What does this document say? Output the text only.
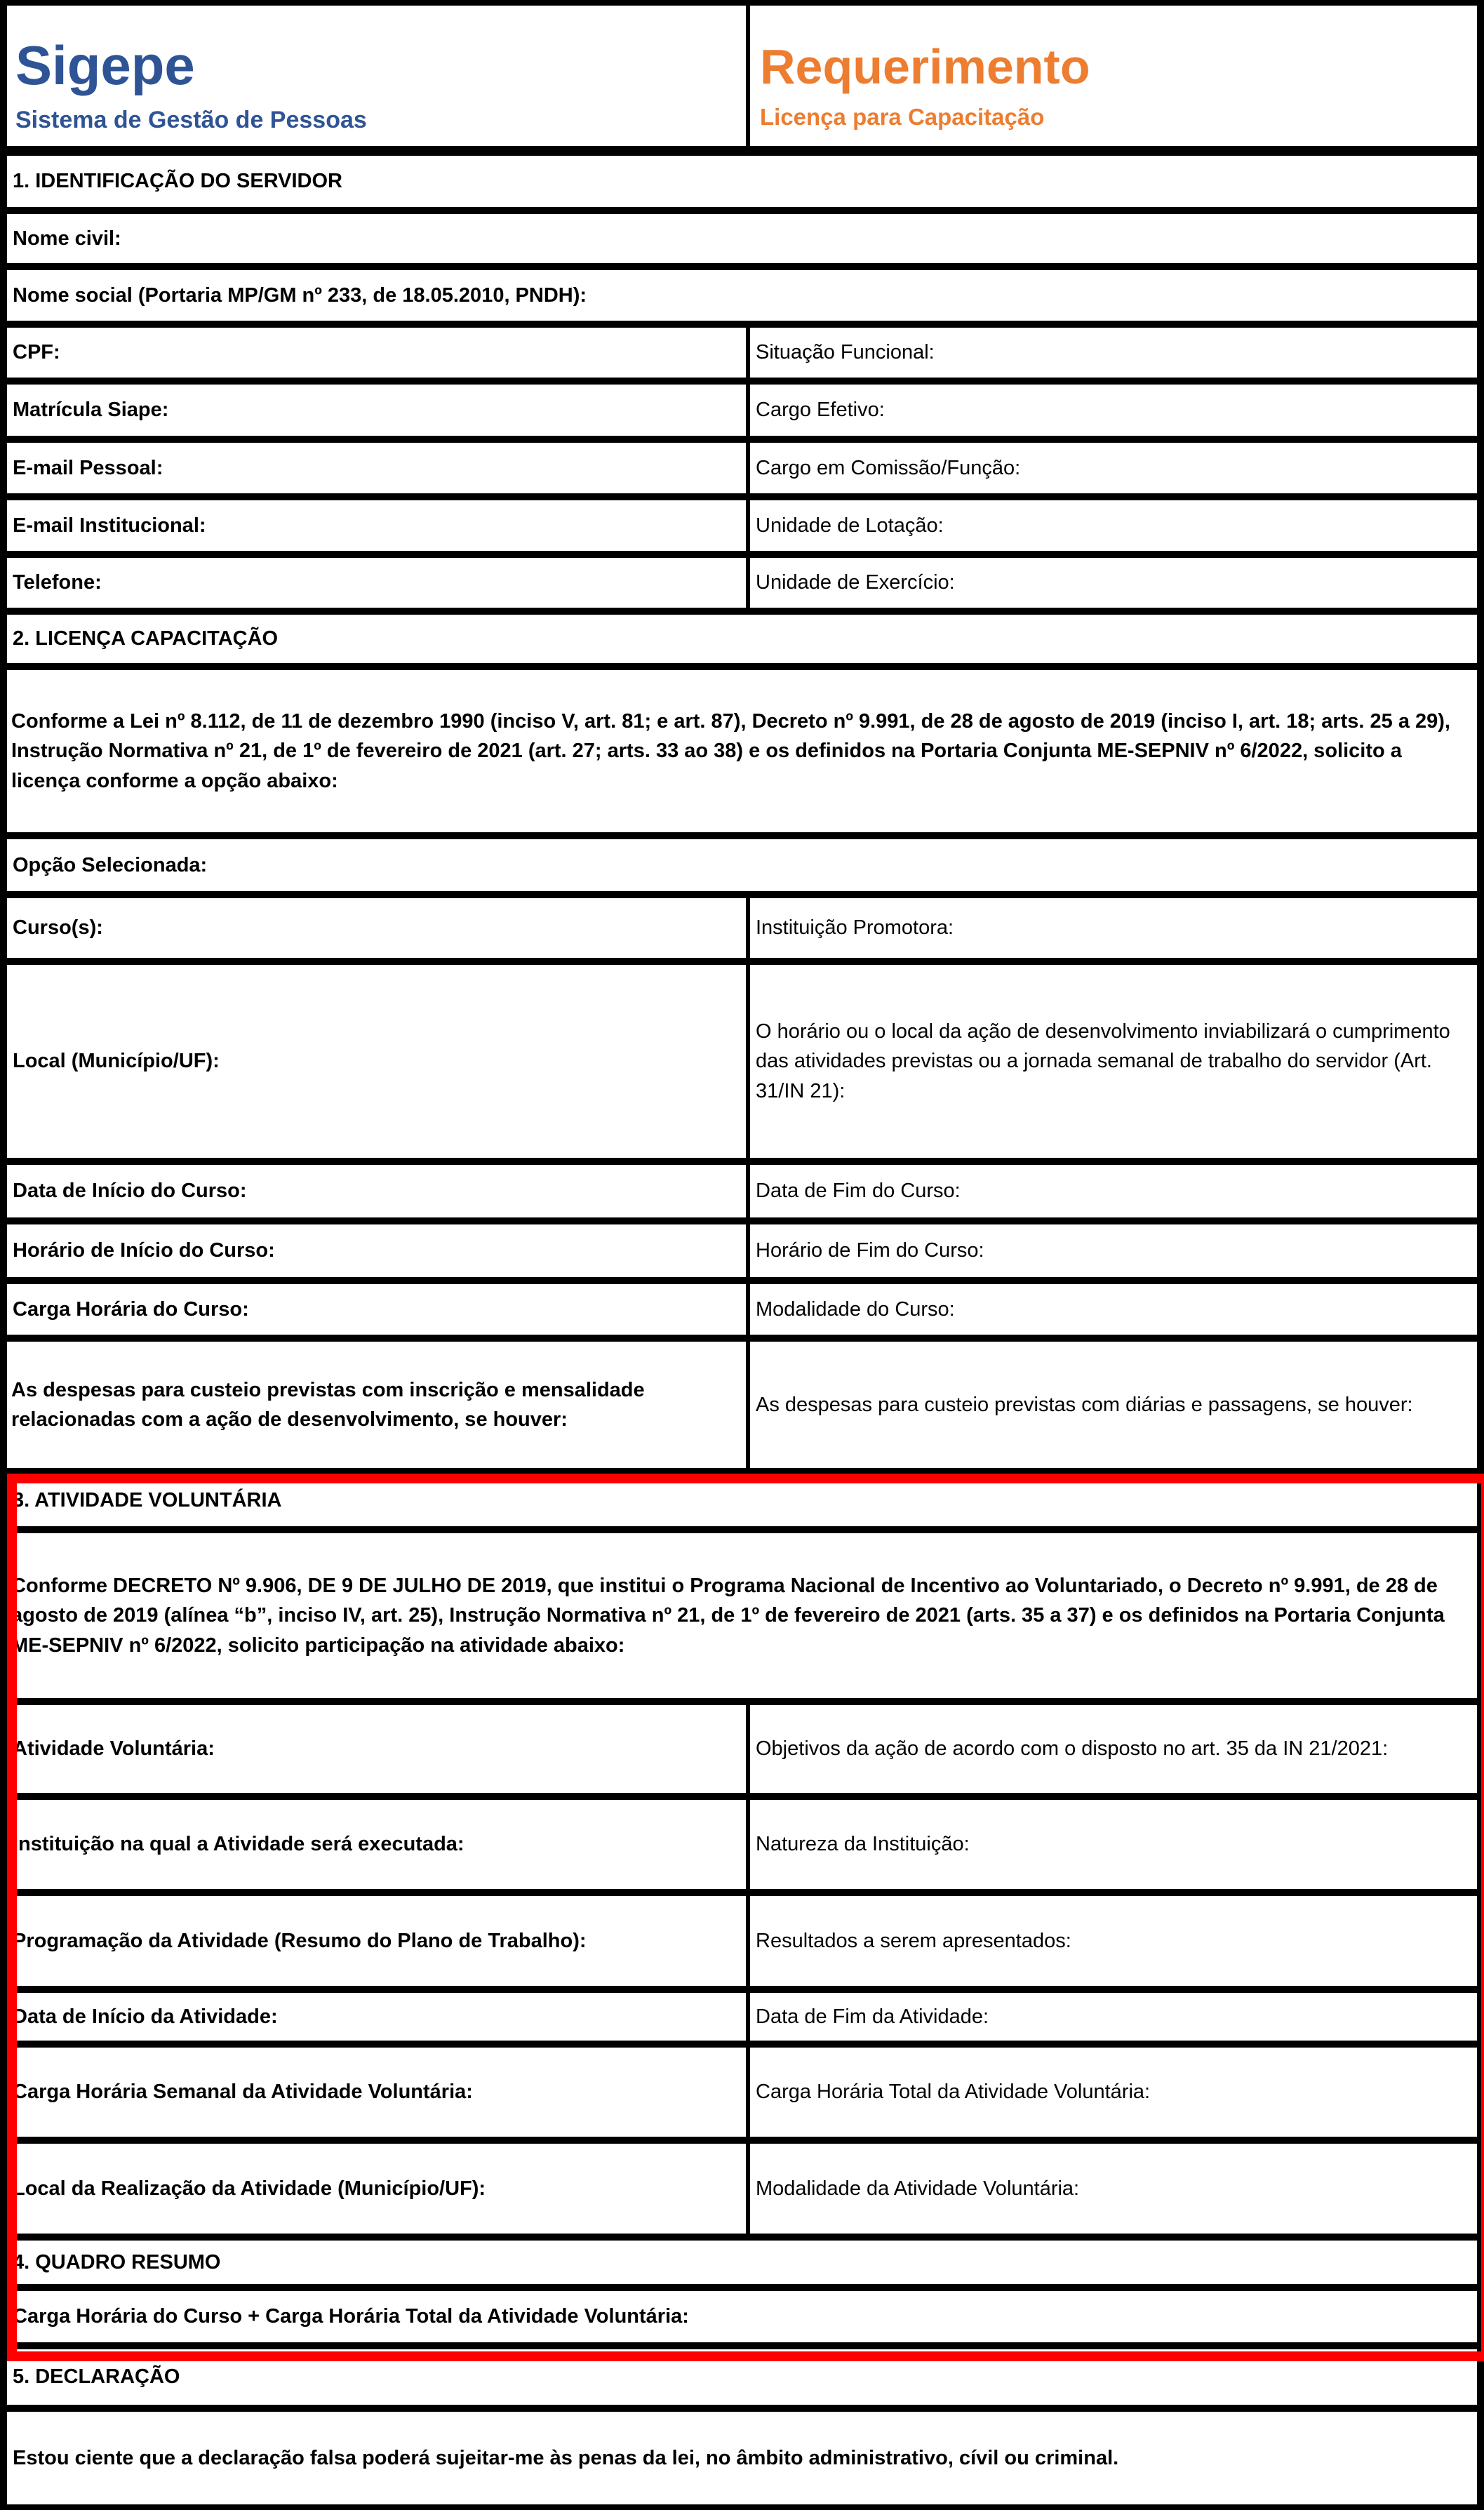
Sigepe
Sistema de Gestão de Pessoas
Requerimento
Licença para Capacitação
1. IDENTIFICAÇÃO DO SERVIDOR
Nome civil:
Nome social (Portaria MP/GM nº 233, de 18.05.2010, PNDH):
CPF:	Situação Funcional:
Matrícula Siape:	Cargo Efetivo:
E-mail Pessoal:	Cargo em Comissão/Função:
E-mail Institucional:	Unidade de Lotação:
Telefone:	Unidade de Exercício:
2. LICENÇA CAPACITAÇÃO
Conforme a Lei nº 8.112, de 11 de dezembro 1990 (inciso V, art. 81; e art. 87), Decreto nº 9.991, de 28 de agosto de 2019 (inciso I, art. 18; arts. 25 a 29), Instrução Normativa nº 21, de 1º de fevereiro de 2021 (art. 27; arts. 33 ao 38) e os definidos na Portaria Conjunta ME-SEPNIV nº 6/2022, solicito a licença conforme a opção abaixo:
Opção Selecionada:
Curso(s):	Instituição Promotora:
Local (Município/UF):
O horário ou o local da ação de desenvolvimento inviabilizará o cumprimento das atividades previstas ou a jornada semanal de trabalho do servidor (Art. 31/IN 21):
Data de Início do Curso:	Data de Fim do Curso:
Horário de Início do Curso:	Horário de Fim do Curso:
Carga Horária do Curso:	Modalidade do Curso:
As despesas para custeio previstas com inscrição e mensalidade relacionadas com a ação de desenvolvimento, se houver:
As despesas para custeio previstas com diárias e passagens, se houver:
3. ATIVIDADE VOLUNTÁRIA
Conforme DECRETO Nº 9.906, DE 9 DE JULHO DE 2019, que institui o Programa Nacional de Incentivo ao Voluntariado, o Decreto nº 9.991, de 28 de agosto de 2019 (alínea “b”, inciso IV, art. 25), Instrução Normativa nº 21, de 1º de fevereiro de 2021 (arts. 35 a 37) e os definidos na Portaria Conjunta ME-SEPNIV nº 6/2022, solicito participação na atividade abaixo:
Atividade Voluntária:	Objetivos da ação de acordo com o disposto no art. 35 da IN 21/2021:
Instituição na qual a Atividade será executada:	Natureza da Instituição:
Programação da Atividade (Resumo do Plano de Trabalho):	Resultados a serem apresentados:
Data de Início da Atividade:	Data de Fim da Atividade:
Carga Horária Semanal da Atividade Voluntária:	Carga Horária Total da Atividade Voluntária:
Local da Realização da Atividade (Município/UF):	Modalidade da Atividade Voluntária:
4. QUADRO RESUMO
Carga Horária do Curso + Carga Horária Total da Atividade Voluntária:
5. DECLARAÇÃO
Estou ciente que a declaração falsa poderá sujeitar-me às penas da lei, no âmbito administrativo, cívil ou criminal.
